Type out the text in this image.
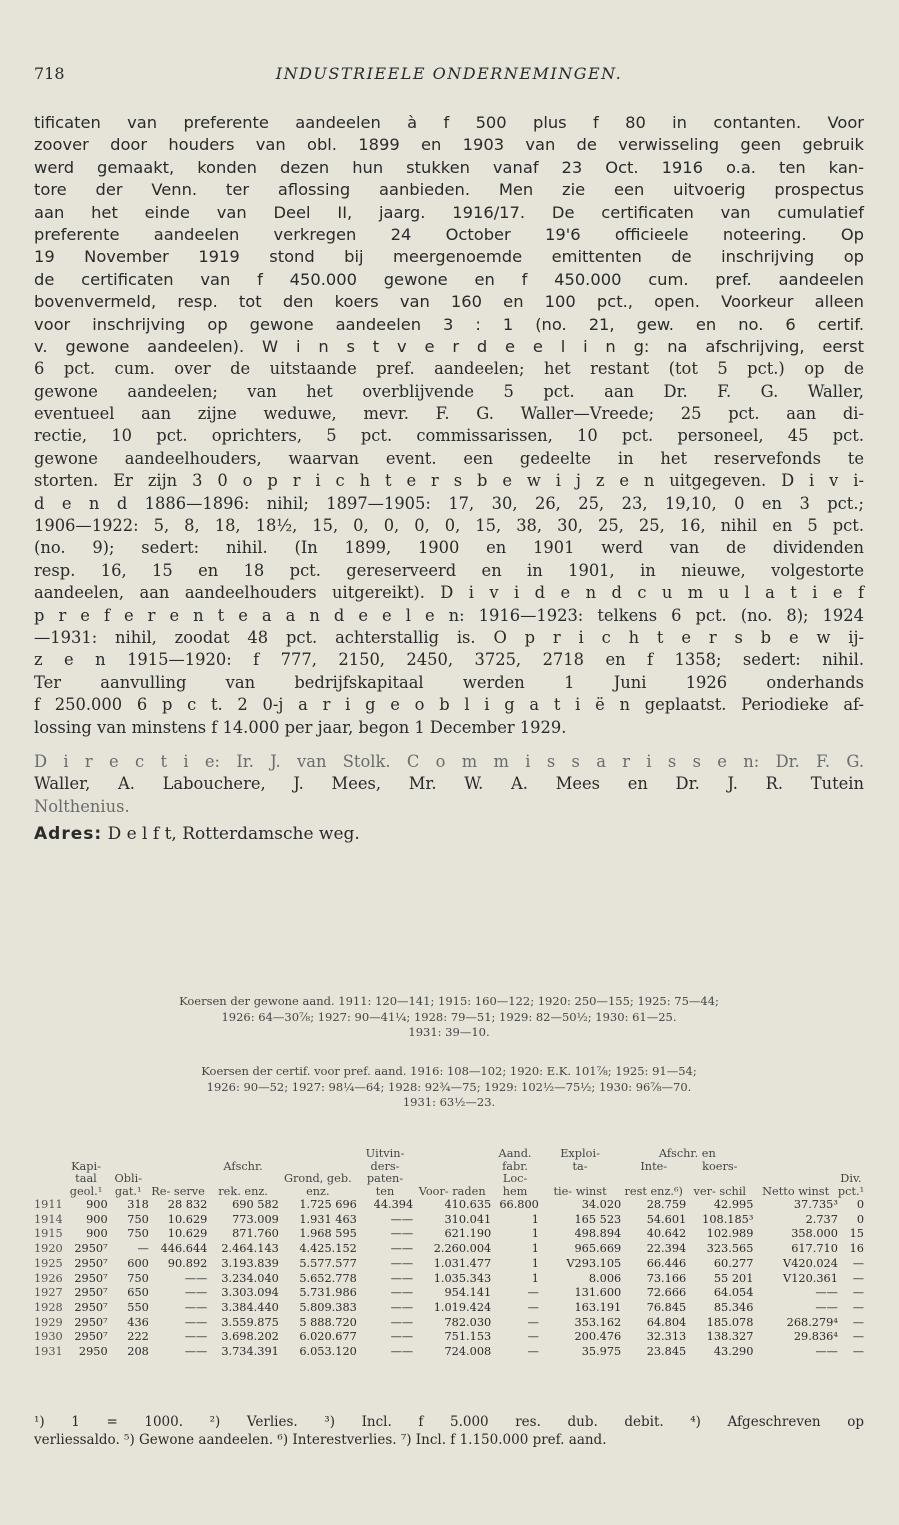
718	INDUSTRIEELE ONDERNEMINGEN.
tificaten van preferente aandeelen à f 500 plus f 80 in contanten. Voor
zoover door houders van obl. 1899 en 1903 van de verwisseling geen gebruik
werd gemaakt, konden dezen hun stukken vanaf 23 Oct. 1916 o.a. ten kan-
tore der Venn. ter aflossing aanbieden. Men zie een uitvoerig prospectus
aan het einde van Deel II, jaarg. 1916/17. De certificaten van cumulatief
preferente aandeelen verkregen 24 October 19'6 officieele noteering. Op
19 November 1919 stond bij meergenoemde emittenten de inschrijving op
de certificaten van f 450.000 gewone en f 450.000 cum. pref. aandeelen
bovenvermeld, resp. tot den koers van 160 en 100 pct., open. Voorkeur alleen
voor inschrijving op gewone aandeelen 3 : 1 (no. 21, gew. en no. 6 certif.
v. gewone aandeelen). W i n s t v e r d e e l i n g: na afschrijving, eerst
6 pct. cum. over de uitstaande pref. aandeelen; het restant (tot 5 pct.) op de
gewone aandeelen; van het overblijvende 5 pct. aan Dr. F. G. Waller,
eventueel aan zijne weduwe, mevr. F. G. Waller—Vreede; 25 pct. aan di-
rectie, 10 pct. oprichters, 5 pct. commissarissen, 10 pct. personeel, 45 pct.
gewone aandeelhouders, waarvan event. een gedeelte in het reservefonds te
storten. Er zijn 3 0 o p r i c h t e r s b e w i j z e n uitgegeven. D i v i-
d e n d 1886—1896: nihil; 1897—1905: 17, 30, 26, 25, 23, 19,10, 0 en 3 pct.;
1906—1922: 5, 8, 18, 18½, 15, 0, 0, 0, 0, 15, 38, 30, 25, 25, 16, nihil en 5 pct.
(no. 9); sedert: nihil. (In 1899, 1900 en 1901 werd van de dividenden
resp. 16, 15 en 18 pct. gereserveerd en in 1901, in nieuwe, volgestorte
aandeelen, aan aandeelhouders uitgereikt). D i v i d e n d c u m u l a t i e f
p r e f e r e n t e a a n d e e l e n: 1916—1923: telkens 6 pct. (no. 8); 1924
—1931: nihil, zoodat 48 pct. achterstallig is. O p r i c h t e r s b e w ij-
z e n 1915—1920: f 777, 2150, 2450, 3725, 2718 en f 1358; sedert: nihil.
Ter aanvulling van bedrijfskapitaal werden 1 Juni 1926 onderhands
f 250.000 6 p c t. 2 0-j a r i g e o b l i g a t i ë n geplaatst. Periodieke af-
lossing van minstens f 14.000 per jaar, begon 1 December 1929.
D i r e c t i e: Ir. J. van Stolk. C o m m i s s a r i s s e n: Dr. F. G.
Waller, A. Labouchere, J. Mees, Mr. W. A. Mees en Dr. J. R. Tutein
Nolthenius.
Adres: D e l f t, Rotterdamsche weg.
Koersen der gewone aand. 1911: 120—141; 1915: 160—122; 1920: 250—155; 1925: 75—44;
1926: 64—30⅞; 1927: 90—41¼; 1928: 79—51; 1929: 82—50½; 1930: 61—25.
1931: 39—10.
Koersen der certif. voor pref. aand. 1916: 108—102; 1920: E.K. 101⅞; 1925: 91—54;
1926: 90—52; 1927: 98¼—64; 1928: 92¾—75; 1929: 102½—75½; 1930: 96⅞—70.
1931: 63½—23.
						Uitvin-		Aand.	Exploi-	Afschr. en			
	Kapi-			Afschr.		ders-		fabr.	ta-	Inte-	koers-		
	taal geol.¹	Obli- gat.¹	Re- serve	rek. enz.	Grond, geb. enz.	paten- ten	Voor- raden	Loc- hem	tie- winst	rest enz.⁶)	ver- schil	Netto winst	Div. pct.¹
1911	900	318	28 832	690 582	1.725 696	44.394	410.635	66.800	34.020	28.759	42.995	37.735³	0
1914	900	750	10.629	773.009	1.931 463	——	310.041	1	165 523	54.601	108.185³	2.737	0
1915	900	750	10.629	871.760	1.968 595	——	621.190	1	498.894	40.642	102.989	358.000	15
1920	2950⁷	—	446.644	2.464.143	4.425.152	——	2.260.004	1	965.669	22.394	323.565	617.710	16
1925	2950⁷	600	90.892	3.193.839	5.577.577	——	1.031.477	1	V293.105	66.446	60.277	V420.024	—
1926	2950⁷	750	——	3.234.040	5.652.778	——	1.035.343	1	8.006	73.166	55 201	V120.361	—
1927	2950⁷	650	——	3.303.094	5.731.986	——	954.141	—	131.600	72.666	64.054	——	—
1928	2950⁷	550	——	3.384.440	5.809.383	——	1.019.424	—	163.191	76.845	85.346	——	—
1929	2950⁷	436	——	3.559.875	5 888.720	——	782.030	—	353.162	64.804	185.078	268.279⁴	—
1930	2950⁷	222	——	3.698.202	6.020.677	——	751.153	—	200.476	32.313	138.327	29.836⁴	—
1931	2950	208	——	3.734.391	6.053.120	——	724.008	—	35.975	23.845	43.290	——	—
¹) 1 = 1000. ²) Verlies. ³) Incl. f 5.000 res. dub. debit. ⁴) Afgeschreven op
verliessaldo. ⁵) Gewone aandeelen. ⁶) Interestverlies. ⁷) Incl. f 1.150.000 pref. aand.
